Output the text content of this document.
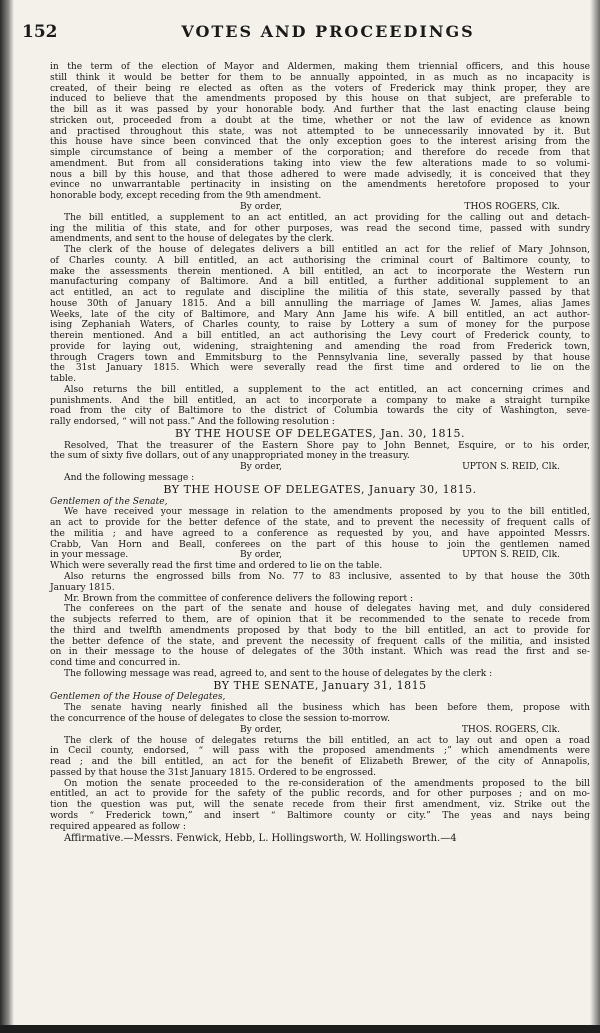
152	VOTES AND PROCEEDINGS

in the term of the election of Mayor and Aldermen, making them triennial officers, and this house

still think it would be better for them to be annually appointed, in as much as no incapacity is

created, of their being re elected as often as the voters of Frederick may think proper, they are

induced to believe that the amendments proposed by this house on that subject, are preferable to

the bill as it was passed by your honorable body. And further that the last enacting clause being

stricken out, proceeded from a doubt at the time, whether or not the law of evidence as known

and practised throughout this state, was not attempted to be unnecessarily innovated by it. But

this house have since been convinced that the only exception goes to the interest arising from the

simple circumstance of being a member of the corporation; and therefore do recede from that

amendment. But from all considerations taking into view the few alterations made to so volumi-

nous a bill by this house, and that those adhered to were made advisedly, it is conceived that they

evince no unwarrantable pertinacity in insisting on the amendments heretofore proposed to your

honorable body, except receding from the 9th amendment.

By order,	THOS ROGERS, Clk.

The bill entitled, a supplement to an act entitled, an act providing for the calling out and detach-

ing the militia of this state, and for other purposes, was read the second time, passed with sundry

amendments, and sent to the house of delegates by the clerk.

The clerk of the house of delegates delivers a bill entitled an act for the relief of Mary Johnson,

of Charles county. A bill entitled, an act authorising the criminal court of Baltimore county, to

make the assessments therein mentioned. A bill entitled, an act to incorporate the Western run

manufacturing company of Baltimore. And a bill entitled, a further additional supplement to an

act entitled, an act to regulate and discipline the militia of this state, severally passed by that

house 30th of January 1815. And a bill annulling the marriage of James W. James, alias James

Weeks, late of the city of Baltimore, and Mary Ann Jame his wife. A bill entitled, an act author-

ising Zephaniah Waters, of Charles county, to raise by Lottery a sum of money for the purpose

therein mentioned. And a bill entitled, an act authorising the Levy court of Frederick county, to

provide for laying out, widening, straightening and amending the road from Frederick town,

through Cragers town and Emmitsburg to the Pennsylvania line, severally passed by that house

the 31st January 1815. Which were severally read the first time and ordered to lie on the

table.

Also returns the bill entitled, a supplement to the act entitled, an act concerning crimes and

punishments. And the bill entitled, an act to incorporate a company to make a straight turnpike

road from the city of Baltimore to the district of Columbia towards the city of Washington, seve-

rally endorsed, “ will not pass.” And the following resolution :

BY THE HOUSE OF DELEGATES, Jan. 30, 1815.

Resolved, That the treasurer of the Eastern Shore pay to John Bennet, Esquire, or to his order,

the sum of sixty five dollars, out of any unappropriated money in the treasury.

By order,	UPTON S. REID, Clk.

And the following message :

BY THE HOUSE OF DELEGATES, January 30, 1815.

Gentlemen of the Senate,

We have received your message in relation to the amendments proposed by you to the bill entitled,

an act to provide for the better defence of the state, and to prevent the necessity of frequent calls of

the militia ; and have agreed to a conference as requested by you, and have appointed Messrs.

Crabb, Van Horn and Beall, conferees on the part of this house to join the gentlemen named

in your message.	By order,	UPTON S. REID, Clk.

Which were severally read the first time and ordered to lie on the table.

Also returns the engrossed bills from No. 77 to 83 inclusive, assented to by that house the 30th

January 1815.

Mr. Brown from the committee of conference delivers the following report :

The conferees on the part of the senate and house of delegates having met, and duly considered

the subjects referred to them, are of opinion that it be recommended to the senate to recede from

the third and twelfth amendments proposed by that body to the bill entitled, an act to provide for

the better defence of the state, and prevent the necessity of frequent calls of the militia, and insisted

on in their message to the house of delegates of the 30th instant. Which was read the first and se-

cond time and concurred in.

The following message was read, agreed to, and sent to the house of delegates by the clerk :

BY THE SENATE, January 31, 1815

Gentlemen of the House of Delegates,

The senate having nearly finished all the business which has been before them, propose with

the concurrence of the house of delegates to close the session to-morrow.

By order,	THOS. ROGERS, Clk.

The clerk of the house of delegates returns the bill entitled, an act to lay out and open a road

in Cecil county, endorsed, “ will pass with the proposed amendments ;” which amendments were

read ; and the bill entitled, an act for the benefit of Elizabeth Brewer, of the city of Annapolis,

passed by that house the 31st January 1815. Ordered to be engrossed.

On motion the senate proceeded to the re-consideration of the amendments proposed to the bill

entitled, an act to provide for the safety of the public records, and for other purposes ; and on mo-

tion the question was put, will the senate recede from their first amendment, viz. Strike out the

words “ Frederick town,” and insert “ Baltimore county or city.” The yeas and nays being

required appeared as follow :

Affirmative.—Messrs. Fenwick, Hebb, L. Hollingsworth, W. Hollingsworth.—4
